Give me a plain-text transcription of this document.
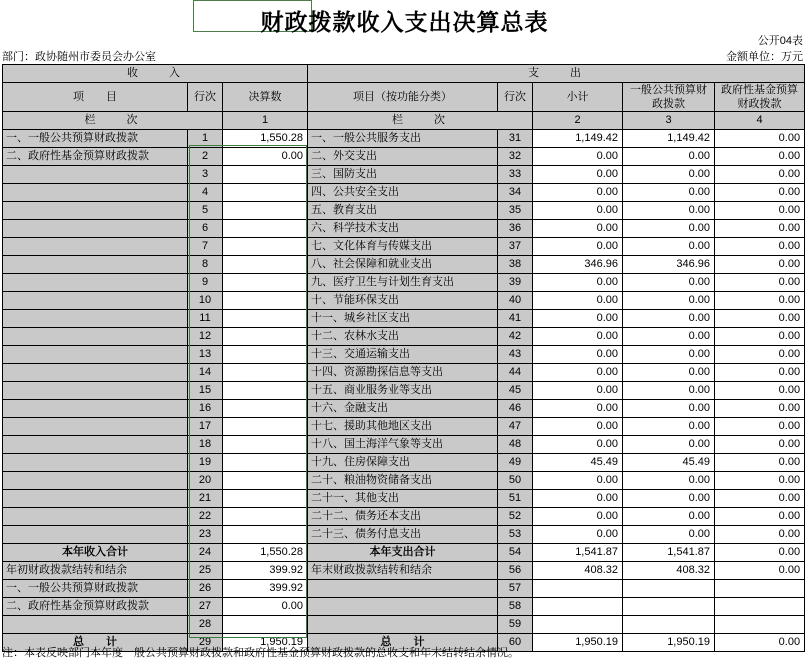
财政拨款收入支出决算总表
公开04表
金额单位：万元
部门：政协随州市委员会办公室
收　　入			支　　出				
项　　目	行次	决算数	项目（按功能分类）	行次	小计	一般公共预算财政拨款	政府性基金预算财政拨款

栏　　次		1	栏　　次		2	3	4
一、一般公共预算财政拨款	1	1,550.28	一、一般公共服务支出	31	1,149.42	1,149.42	0.00
二、政府性基金预算财政拨款	2	0.00	二、外交支出	32	0.00	0.00	0.00
	3		三、国防支出	33	0.00	0.00	0.00
	4		四、公共安全支出	34	0.00	0.00	0.00
	5		五、教育支出	35	0.00	0.00	0.00
	6		六、科学技术支出	36	0.00	0.00	0.00
	7		七、文化体育与传媒支出	37	0.00	0.00	0.00
	8		八、社会保障和就业支出	38	346.96	346.96	0.00
	9		九、医疗卫生与计划生育支出	39	0.00	0.00	0.00
	10		十、节能环保支出	40	0.00	0.00	0.00
	11		十一、城乡社区支出	41	0.00	0.00	0.00
	12		十二、农林水支出	42	0.00	0.00	0.00
	13		十三、交通运输支出	43	0.00	0.00	0.00
	14		十四、资源勘探信息等支出	44	0.00	0.00	0.00
	15		十五、商业服务业等支出	45	0.00	0.00	0.00
	16		十六、金融支出	46	0.00	0.00	0.00
	17		十七、援助其他地区支出	47	0.00	0.00	0.00
	18		十八、国土海洋气象等支出	48	0.00	0.00	0.00
	19		十九、住房保障支出	49	45.49	45.49	0.00
	20		二十、粮油物资储备支出	50	0.00	0.00	0.00
	21		二十一、其他支出	51	0.00	0.00	0.00
	22		二十二、债务还本支出	52	0.00	0.00	0.00
	23		二十三、债务付息支出	53	0.00	0.00	0.00
本年收入合计	24	1,550.28	本年支出合计	54	1,541.87	1,541.87	0.00
年初财政拨款结转和结余	25	399.92	年末财政拨款结转和结余	56	408.32	408.32	0.00
一、一般公共预算财政拨款	26	399.92		57			
二、政府性基金预算财政拨款	27	0.00		58			
	28			59			
总　　计	29	1,950.19	总　　计	60	1,950.19	1,950.19	0.00
注：本表反映部门本年度一般公共预算财政拨款和政府性基金预算财政拨款的总收支和年末结转结余情况。
